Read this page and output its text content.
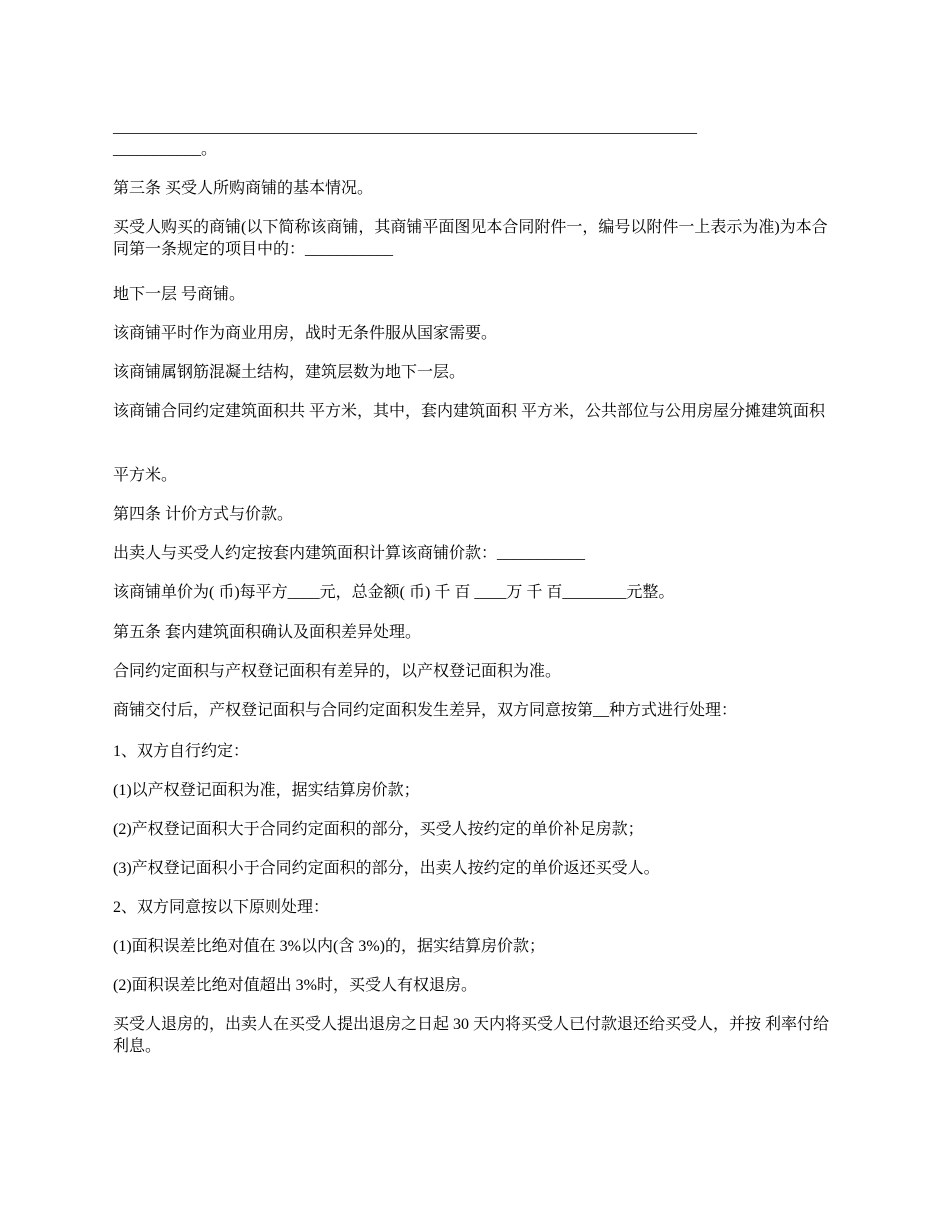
_________________________________________________________________________

___________。

第三条 买受人所购商铺的基本情况。

买受人购买的商铺(以下简称该商铺，其商铺平面图见本合同附件一，编号以附件一上表示为准)为本合同第一条规定的项目中的：___________

地下一层 号商铺。

该商铺平时作为商业用房，战时无条件服从国家需要。

该商铺属钢筋混凝土结构，建筑层数为地下一层。

该商铺合同约定建筑面积共 平方米，其中，套内建筑面积 平方米，公共部位与公用房屋分摊建筑面积

平方米。

第四条 计价方式与价款。

出卖人与买受人约定按套内建筑面积计算该商铺价款：___________

该商铺单价为( 币)每平方____元，总金额( 币) 千 百 ____万 千 百________元整。

第五条 套内建筑面积确认及面积差异处理。

合同约定面积与产权登记面积有差异的，以产权登记面积为准。

商铺交付后，产权登记面积与合同约定面积发生差异，双方同意按第__种方式进行处理：

1、双方自行约定：

(1)以产权登记面积为准，据实结算房价款；

(2)产权登记面积大于合同约定面积的部分，买受人按约定的单价补足房款；

(3)产权登记面积小于合同约定面积的部分，出卖人按约定的单价返还买受人。

2、双方同意按以下原则处理：

(1)面积误差比绝对值在 3%以内(含 3%)的，据实结算房价款；

(2)面积误差比绝对值超出 3%时，买受人有权退房。

买受人退房的，出卖人在买受人提出退房之日起 30 天内将买受人已付款退还给买受人，并按 利率付给利息。
